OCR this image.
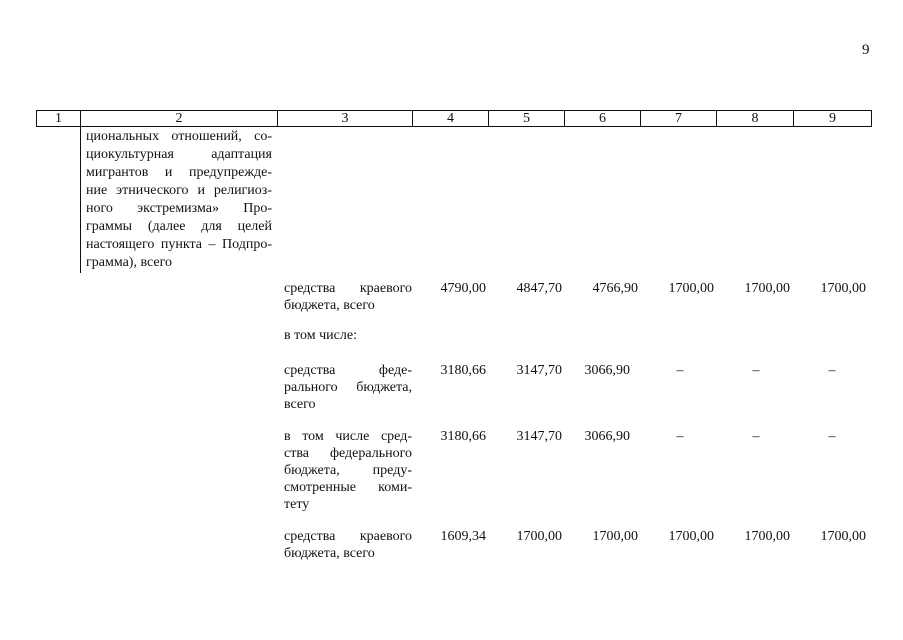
9
1	2	3	4	5	6	7	8	9
циональных отношений, со-
циокультурная адаптация
мигрантов и предупрежде-
ние этнического и религиоз-
ного экстремизма» Про-
граммы (далее для целей
настоящего пункта – Подпро-
грамма), всего
средства краевого
бюджета, всего
4790,00	4847,70	4766,90	1700,00	1700,00	1700,00
в том числе:
средства феде-
рального бюджета,
всего
3180,66	3147,70	3066,90	–	–	–
в том числе сред-
ства федерального
бюджета, преду-
смотренные коми-
тету
3180,66	3147,70	3066,90	–	–	–
средства краевого
бюджета, всего
1609,34	1700,00	1700,00	1700,00	1700,00	1700,00
